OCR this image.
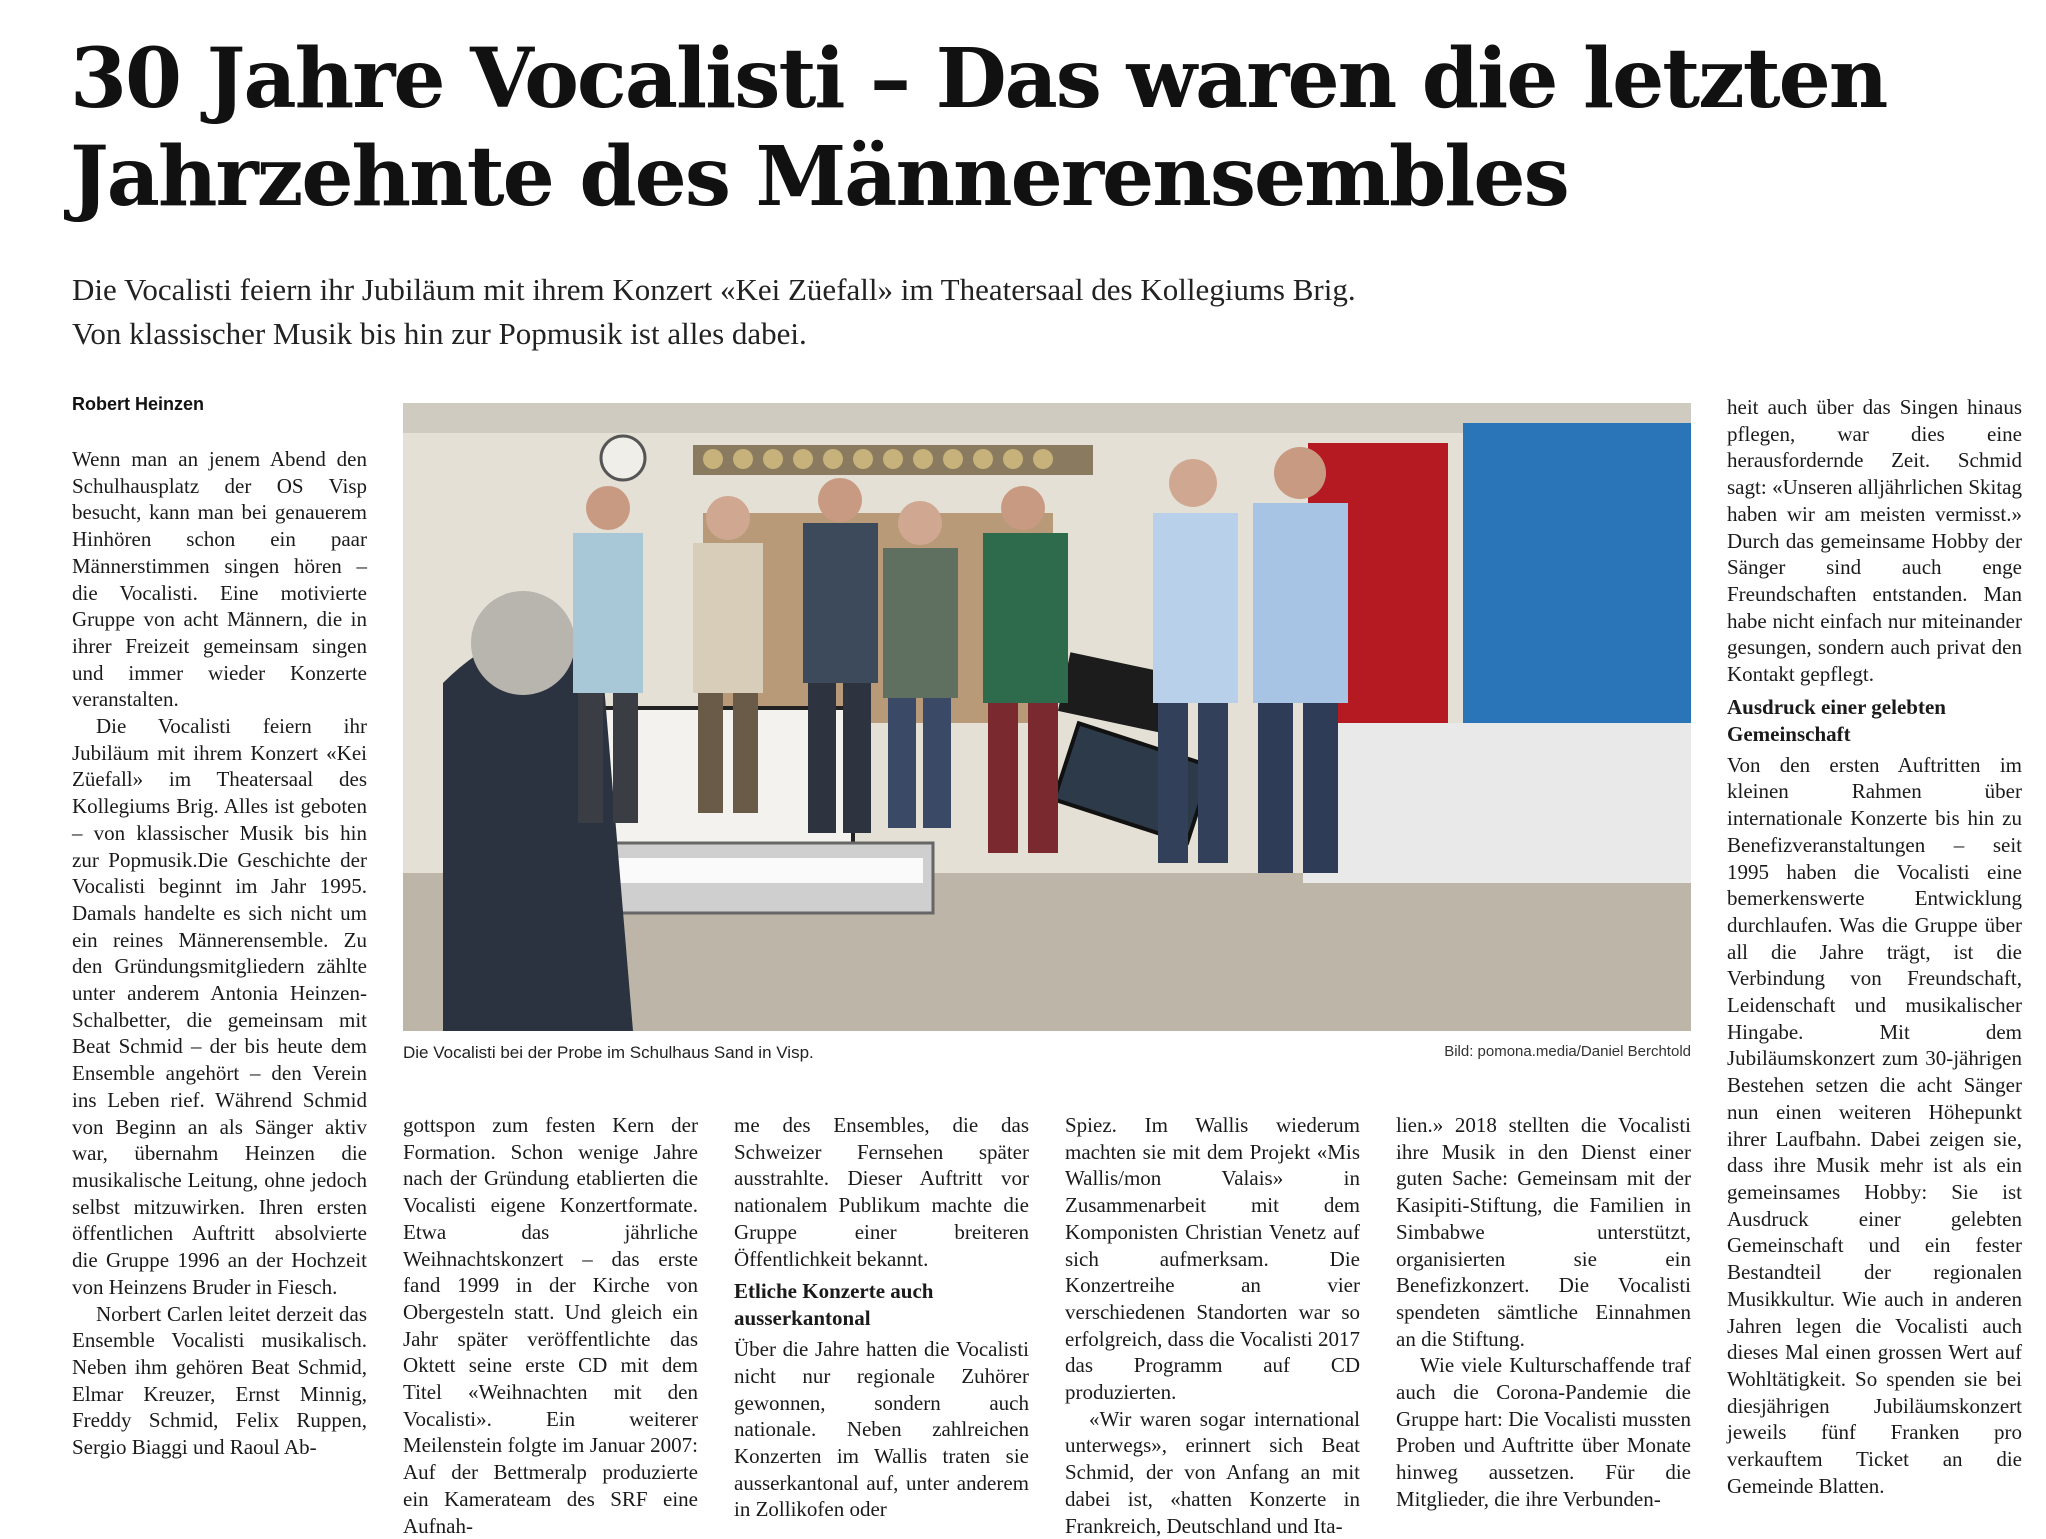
30 Jahre Vocalisti – Das waren die letzten
Jahrzehnte des Männerensembles
Die Vocalisti feiern ihr Jubiläum mit ihrem Konzert «Kei Züefall» im Theatersaal des Kollegiums Brig.
Von klassischer Musik bis hin zur Popmusik ist alles dabei.
Robert Heinzen

Wenn man an jenem Abend den Schulhausplatz der OS Visp besucht, kann man bei genauerem Hinhören schon ein paar Männerstimmen singen hören – die Vocalisti. Eine motivierte Gruppe von acht Männern, die in ihrer Freizeit gemeinsam singen und immer wieder Konzerte veranstalten.

Die Vocalisti feiern ihr Jubiläum mit ihrem Konzert «Kei Züefall» im Theatersaal des Kollegiums Brig. Alles ist geboten – von klassischer Musik bis hin zur Popmusik.Die Geschichte der Vocalisti beginnt im Jahr 1995. Damals handelte es sich nicht um ein reines Männerensemble. Zu den Gründungsmitgliedern zählte unter anderem Antonia Heinzen-Schalbetter, die gemeinsam mit Beat Schmid – der bis heute dem Ensemble angehört – den Verein ins Leben rief. Während Schmid von Beginn an als Sänger aktiv war, übernahm Heinzen die musikalische Leitung, ohne jedoch selbst mitzuwirken. Ihren ersten öffentlichen Auftritt absolvierte die Gruppe 1996 an der Hochzeit von Heinzens Bruder in Fiesch.

Norbert Carlen leitet derzeit das Ensemble Vocalisti musikalisch. Neben ihm gehören Beat Schmid, Elmar Kreuzer, Ernst Minnig, Freddy Schmid, Felix Ruppen, Sergio Biaggi und Raoul Ab-

Die Vocalisti bei der Probe im Schulhaus Sand in Visp.	Bild: pomona.media/Daniel Berchtold

gottspon zum festen Kern der Formation. Schon wenige Jahre nach der Gründung etablierten die Vocalisti eigene Konzertformate. Etwa das jährliche Weihnachtskonzert – das erste fand 1999 in der Kirche von Obergesteln statt. Und gleich ein Jahr später veröffentlichte das Oktett seine erste CD mit dem Titel «Weihnachten mit den Vocalisti». Ein weiterer Meilenstein folgte im Januar 2007: Auf der Bettmeralp produzierte ein Kamerateam des SRF eine Aufnah-

me des Ensembles, die das Schweizer Fernsehen später ausstrahlte. Dieser Auftritt vor nationalem Publikum machte die Gruppe einer breiteren Öffentlichkeit bekannt.

Etliche Konzerte auch ausserkantonal

Über die Jahre hatten die Vocalisti nicht nur regionale Zuhörer gewonnen, sondern auch nationale. Neben zahlreichen Konzerten im Wallis traten sie ausserkantonal auf, unter anderem in Zollikofen oder

Spiez. Im Wallis wiederum machten sie mit dem Projekt «Mis Wallis/mon Valais» in Zusammenarbeit mit dem Komponisten Christian Venetz auf sich aufmerksam. Die Konzertreihe an vier verschiedenen Standorten war so erfolgreich, dass die Vocalisti 2017 das Programm auf CD produzierten.

«Wir waren sogar international unterwegs», erinnert sich Beat Schmid, der von Anfang an mit dabei ist, «hatten Konzerte in Frankreich, Deutschland und Ita-

lien.» 2018 stellten die Vocalisti ihre Musik in den Dienst einer guten Sache: Gemeinsam mit der Kasipiti-Stiftung, die Familien in Simbabwe unterstützt, organisierten sie ein Benefizkonzert. Die Vocalisti spendeten sämtliche Einnahmen an die Stiftung.

Wie viele Kulturschaffende traf auch die Corona-Pandemie die Gruppe hart: Die Vocalisti mussten Proben und Auftritte über Monate hinweg aussetzen. Für die Mitglieder, die ihre Verbunden-

heit auch über das Singen hinaus pflegen, war dies eine herausfordernde Zeit. Schmid sagt: «Unseren alljährlichen Skitag haben wir am meisten vermisst.» Durch das gemeinsame Hobby der Sänger sind auch enge Freundschaften entstanden. Man habe nicht einfach nur miteinander gesungen, sondern auch privat den Kontakt gepflegt.

Ausdruck einer gelebten Gemeinschaft

Von den ersten Auftritten im kleinen Rahmen über internationale Konzerte bis hin zu Benefizveranstaltungen – seit 1995 haben die Vocalisti eine bemerkenswerte Entwicklung durchlaufen. Was die Gruppe über all die Jahre trägt, ist die Verbindung von Freundschaft, Leidenschaft und musikalischer Hingabe. Mit dem Jubiläumskonzert zum 30-jährigen Bestehen setzen die acht Sänger nun einen weiteren Höhepunkt ihrer Laufbahn. Dabei zeigen sie, dass ihre Musik mehr ist als ein gemeinsames Hobby: Sie ist Ausdruck einer gelebten Gemeinschaft und ein fester Bestandteil der regionalen Musikkultur. Wie auch in anderen Jahren legen die Vocalisti auch dieses Mal einen grossen Wert auf Wohltätigkeit. So spenden sie bei diesjährigen Jubiläumskonzert jeweils fünf Franken pro verkauftem Ticket an die Gemeinde Blatten.
